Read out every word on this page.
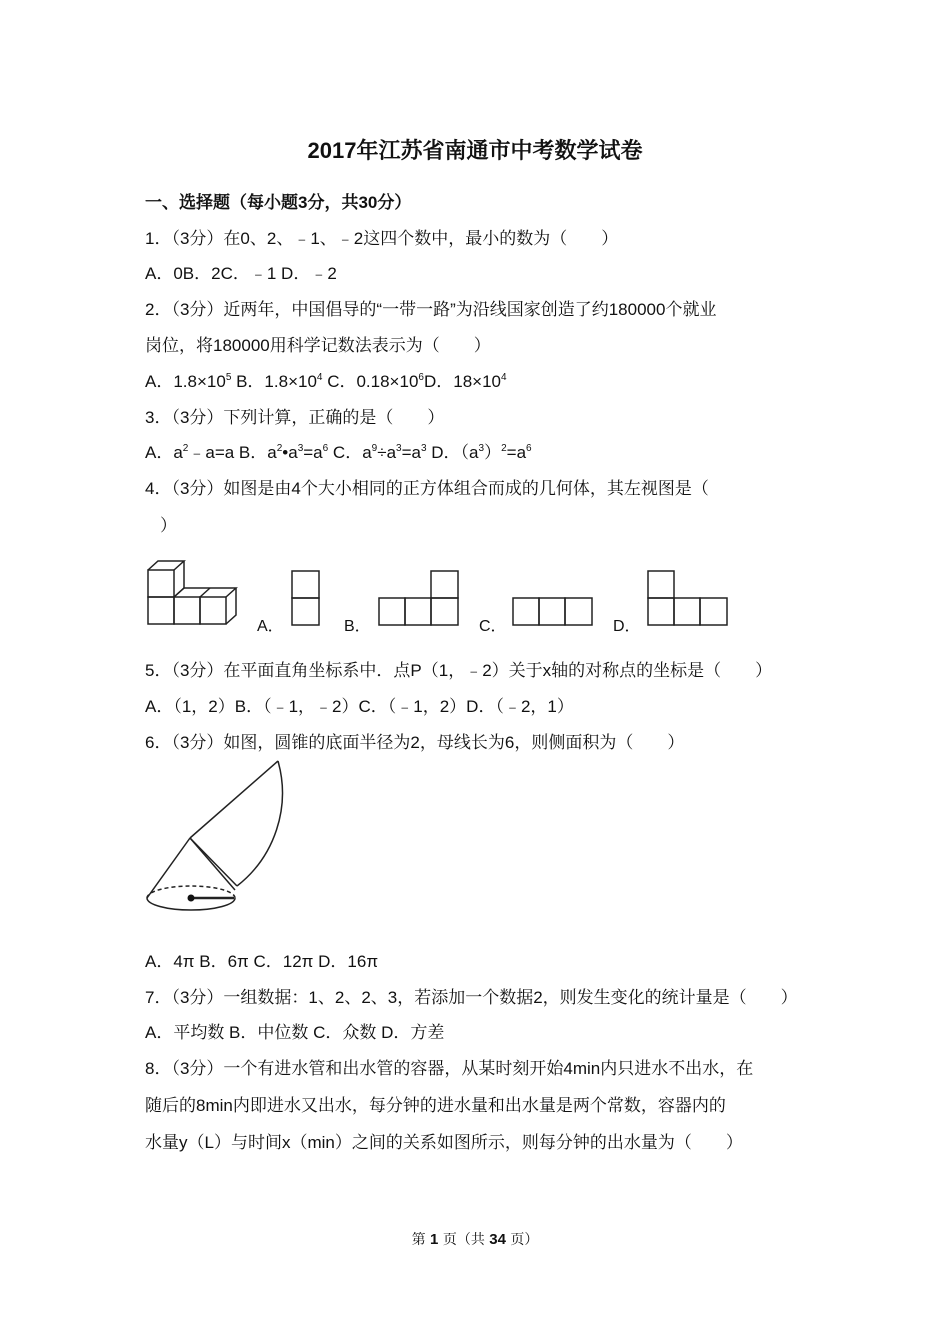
2017年江苏省南通市中考数学试卷
一、选择题（每小题3分，共30分）
1．（3分）在0、2、﹣1、﹣2这四个数中，最小的数为（　　）
A．0B．2C．﹣1 D．﹣2
2．（3分）近两年，中国倡导的“一带一路”为沿线国家创造了约180000个就业
岗位，将180000用科学记数法表示为（　　）
A．$1.8\times 10^5$ B．$1.8\times 10^4$ C．$0.18\times 10^6D$．$18\times 10^4$
3．（3分）下列计算，正确的是（　　）
A．$a^2﹣a=a$ B．$a^2•a^3=a^6$ C．$a^9\div a^3=a^3$ D．$(a^3)^2=a^6$
4．（3分）如图是由4个大小相同的正方体组合而成的几何体，其左视图是（
）
A．	B．	C．	D．
5．（3分）在平面直角坐标系中．点P（1，﹣2）关于x轴的对称点的坐标是（　　）
A．（1，2）B．（﹣1，﹣2）C．（﹣1，2）D．（﹣2，1）
6．（3分）如图，圆锥的底面半径为2，母线长为6，则侧面积为（　　）
A．4π B．6π C．12π D．16π
7．（3分）一组数据：1、2、2、3，若添加一个数据2，则发生变化的统计量是（　　）
A．平均数 B．中位数 C．众数 D．方差
8．（3分）一个有进水管和出水管的容器，从某时刻开始4min内只进水不出水，在
随后的8min内即进水又出水，每分钟的进水量和出水量是两个常数，容器内的
水量y（L）与时间x（min）之间的关系如图所示，则每分钟的出水量为（　　）
第 1 页（共 34 页）
